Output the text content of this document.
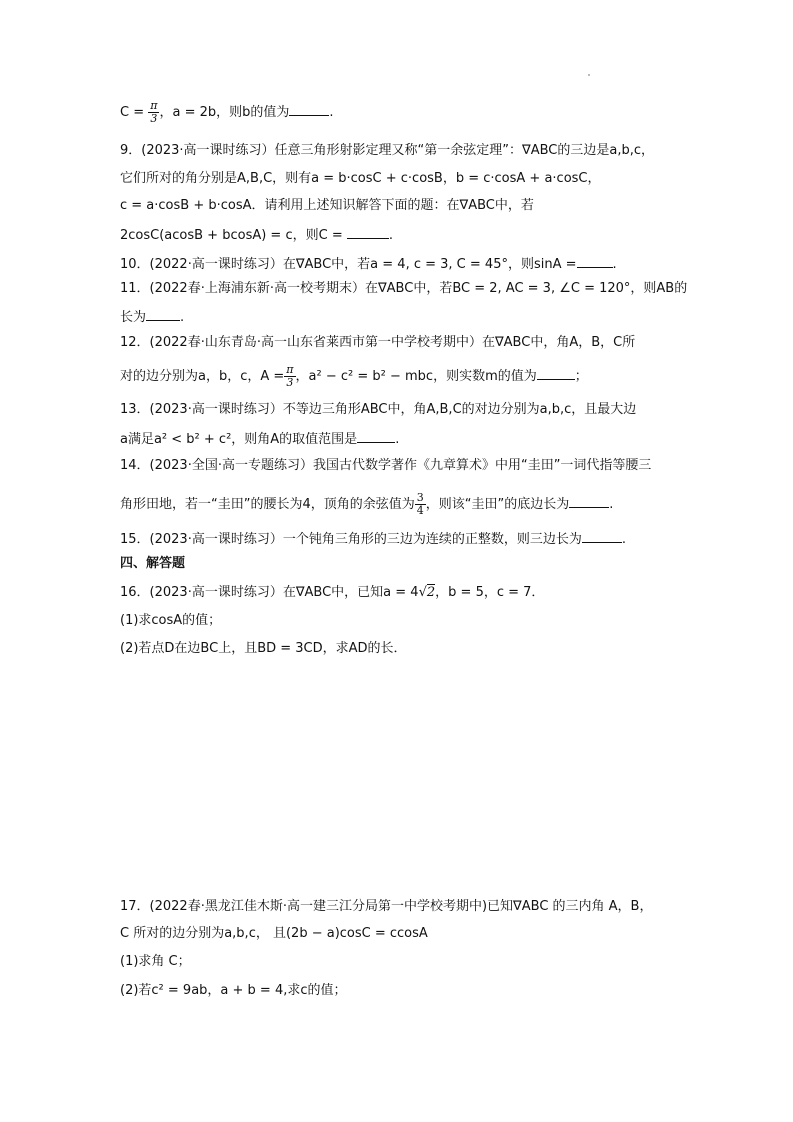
$C = \frac{\pi}{3}$ ，a = 2b，则b的值为	.
9．(2023·高一课时练习）任意三角形射影定理又称“第一余弦定理”：∇ABC的三边是a,b,c，
它们所对的角分别是A,B,C，则有a = b·cosC + c·cosB，b = c·cosA + a·cosC，
c = a·cosB + b·cosA．请利用上述知识解答下面的题：在∇ABC中，若
2cosC(acosB + bcosA) = c，则C =	.
10．(2022·高一课时练习）在∇ABC中，若a = 4, c = 3, C = 45°，则sinA =	.
11．(2022春·上海浦东新·高一校考期末）在∇ABC中，若BC = 2, AC = 3, ∠C = 120°，则AB的
长为	.
12．(2022春·山东青岛·高一山东省莱西市第一中学校考期中）在∇ABC中，角A，B，C所
对的边分别为a，b，c，$A = \frac{\pi}{3}$ ，a² − c² = b² − mbc，则实数m的值为	；
13．(2023·高一课时练习）不等边三角形ABC中，角A,B,C的对边分别为a,b,c，且最大边
a满足a² < b² + c²，则角A的取值范围是	.
14．(2023·全国·高一专题练习）我国古代数学著作《九章算术》中用“圭田”一词代指等腰三
角形田地，若一“圭田”的腰长为4，顶角的余弦值为 $\frac{3}{4}$ ，则该“圭田”的底边长为	.
15．(2023·高一课时练习）一个钝角三角形的三边为连续的正整数，则三边长为	.
四、解答题
16．(2023·高一课时练习）在∇ABC中，已知a = 4√2，b = 5，c = 7．
(1)求cosA的值；
(2)若点D在边BC上，且BD = 3CD，求AD的长．
17．(2022春·黑龙江佳木斯·高一建三江分局第一中学校考期中)已知∇ABC 的三内角 A，B，
C 所对的边分别为a,b,c， 且(2b − a)cosC = ccosA
(1)求角 C；
(2)若c² = 9ab，a + b = 4,求c的值；
